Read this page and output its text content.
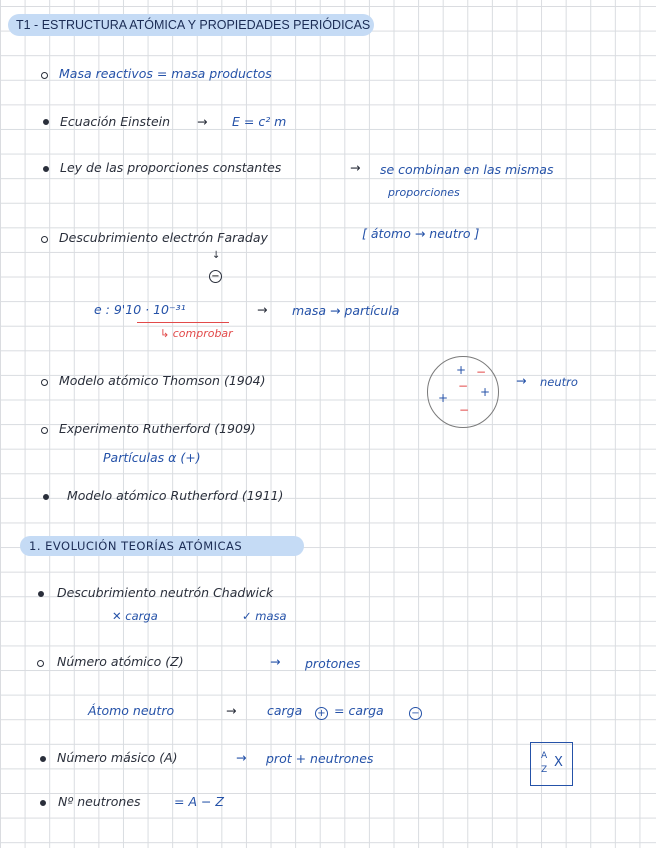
T1 - ESTRUCTURA ATÓMICA Y PROPIEDADES PERIÓDICAS
Masa reactivos = masa productos
Ecuación Einstein → E = c² m
Ley de las proporciones constantes	→ se combinan en las mismas
proporciones
Descubrimiento electrón Faraday	[ átomo → neutro ]
↓
−
e : 9'10 · 10⁻³¹	→ masa → partícula
↳ comprobar
Modelo atómico Thomson (1904)
+ −
− +
+
−
→ neutro
Experimento Rutherford (1909)
Partículas α (+)
Modelo atómico Rutherford (1911)
1. EVOLUCIÓN TEORÍAS ATÓMICAS
Descubrimiento neutrón Chadwick
✕ carga	✓ masa
Número atómico (Z)	→ protones
Átomo neutro	→ carga + = carga	−
Número másico (A)	→ prot + neutrones	A
Z X
Nº neutrones	= A − Z
